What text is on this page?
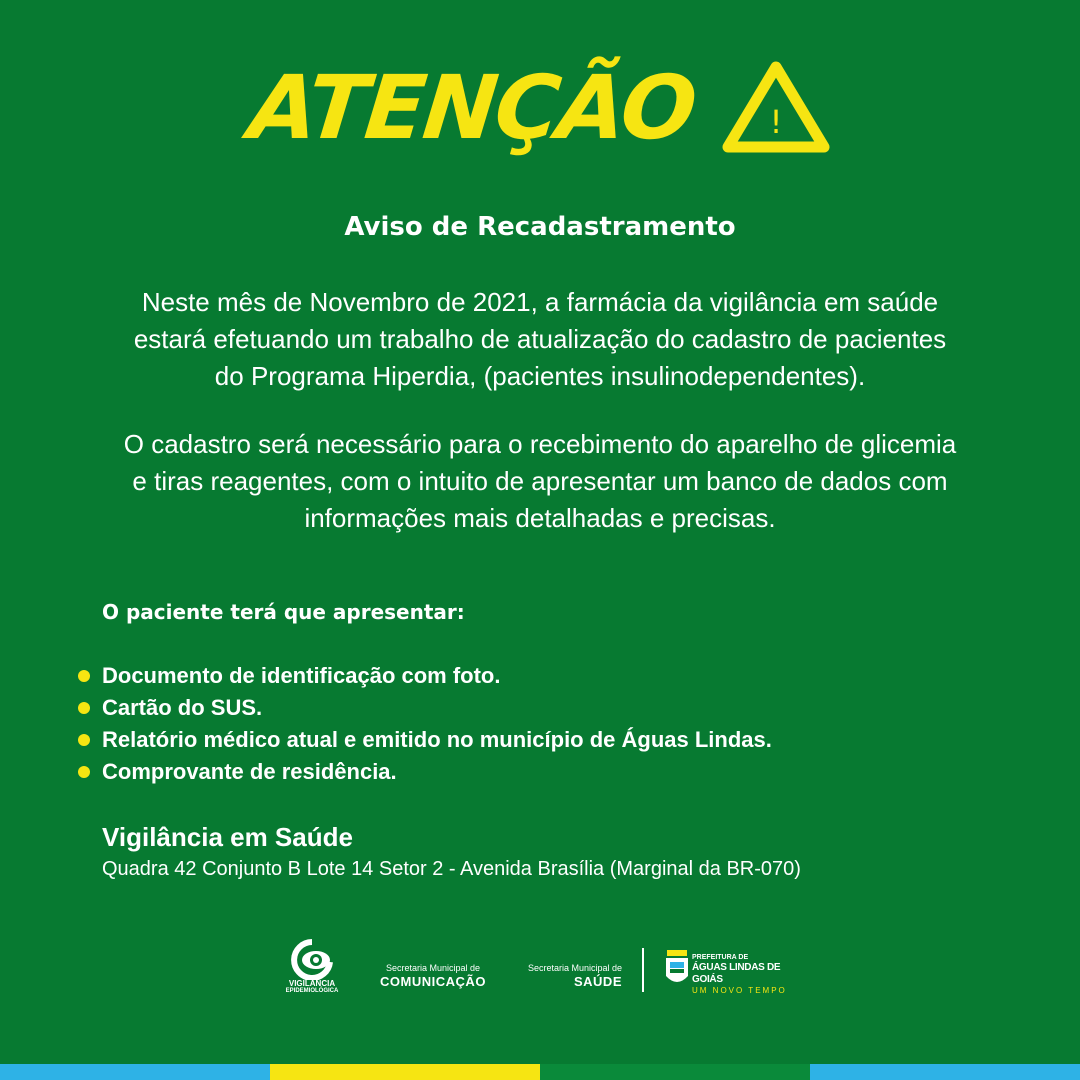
ATENÇÃO !
Aviso de Recadastramento
Neste mês de Novembro de 2021, a farmácia da vigilância em saúde
estará efetuando um trabalho de atualização do cadastro de pacientes
do Programa Hiperdia, (pacientes insulinodependentes).
O cadastro será necessário para o recebimento do aparelho de glicemia
e tiras reagentes, com o intuito de apresentar um banco de dados com
informações mais detalhadas e precisas.
O paciente terá que apresentar:
Documento de identificação com foto.
Cartão do SUS.
Relatório médico atual e emitido no município de Águas Lindas.
Comprovante de residência.
Vigilância em Saúde
Quadra 42 Conjunto B Lote 14 Setor 2 - Avenida Brasília (Marginal da BR-070)
VIGILÂNCIA
EPIDEMIOLÓGICA
Secretaria Municipal de
COMUNICAÇÃO
Secretaria Municipal de
SAÚDE
PREFEITURA DE
ÁGUAS LINDAS DE GOIÁS
UM NOVO TEMPO
